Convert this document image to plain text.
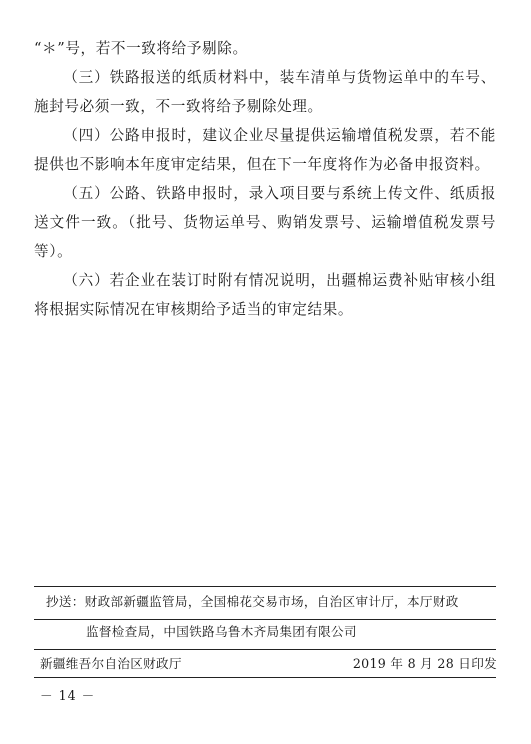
“＊”号，若不一致将给予剔除。

（三）铁路报送的纸质材料中，装车清单与货物运单中的车号、施封号必须一致，不一致将给予剔除处理。

（四）公路申报时，建议企业尽量提供运输增值税发票，若不能提供也不影响本年度审定结果，但在下一年度将作为必备申报资料。

（五）公路、铁路申报时，录入项目要与系统上传文件、纸质报送文件一致。（批号、货物运单号、购销发票号、运输增值税发票号等）。

（六）若企业在装订时附有情况说明，出疆棉运费补贴审核小组将根据实际情况在审核期给予适当的审定结果。

抄送：财政部新疆监管局，全国棉花交易市场，自治区审计厅，本厅财政
监督检查局，中国铁路乌鲁木齐局集团有限公司
新疆维吾尔自治区财政厅	2019 年 8 月 28 日印发
－ 14 －
